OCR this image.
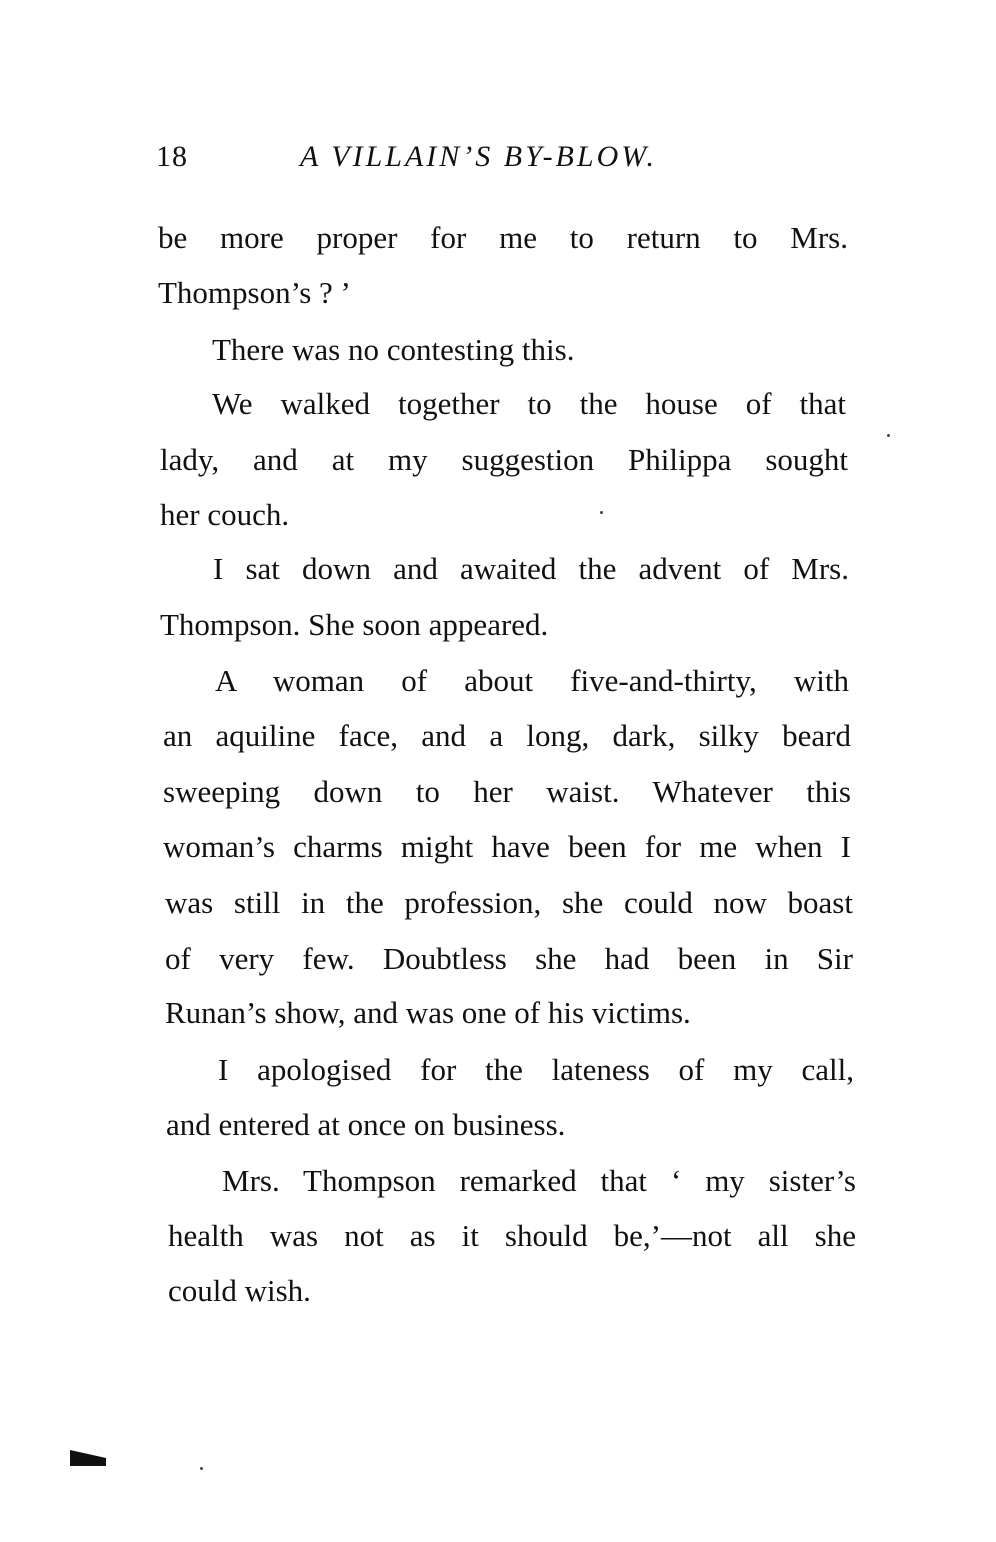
18	A VILLAIN’S BY-BLOW.
be more proper for me to return to Mrs.
Thompson’s ? ’
There was no contesting this.
We walked together to the house of that
lady, and at my suggestion Philippa sought
her couch.
I sat down and awaited the advent of Mrs.
Thompson. She soon appeared.
A woman of about five-and-thirty, with
an aquiline face, and a long, dark, silky beard
sweeping down to her waist. Whatever this
woman’s charms might have been for me when I
was still in the profession, she could now boast
of very few. Doubtless she had been in Sir
Runan’s show, and was one of his victims.
I apologised for the lateness of my call,
and entered at once on business.
Mrs. Thompson remarked that ‘ my sister’s
health was not as it should be,’—not all she
could wish.
